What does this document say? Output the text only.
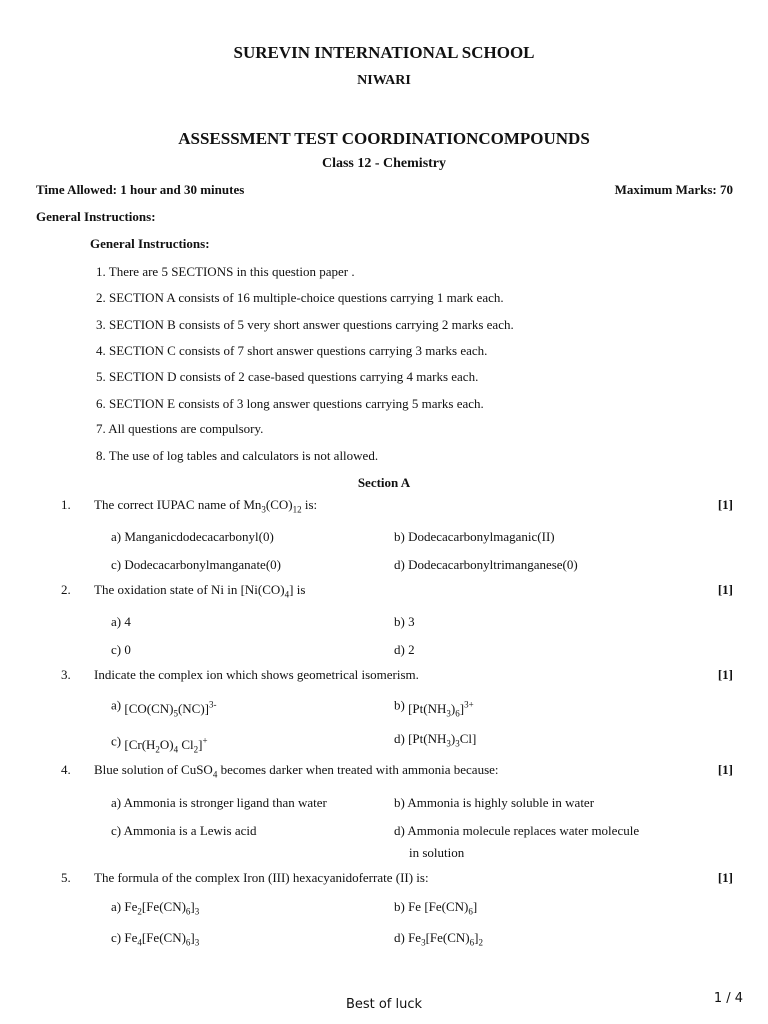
SUREVIN INTERNATIONAL SCHOOL
NIWARI
ASSESSMENT TEST COORDINATIONCOMPOUNDS
Class 12 - Chemistry
Time Allowed: 1 hour and 30 minutes	Maximum Marks: 70
General Instructions:
General Instructions:
1. There are 5 SECTIONS in this question paper .
2. SECTION A consists of 16 multiple-choice questions carrying 1 mark each.
3. SECTION B consists of 5 very short answer questions carrying 2 marks each.
4. SECTION C consists of 7 short answer questions carrying 3 marks each.
5. SECTION D consists of 2 case-based questions carrying 4 marks each.
6. SECTION E consists of 3 long answer questions carrying 5 marks each.
7. All questions are compulsory.
8. The use of log tables and calculators is not allowed.
Section A
1. The correct IUPAC name of $Mn_3(CO)_{12}$ is:	[1]
a) Manganicdodecacarbonyl(0)	b) Dodecacarbonylmaganic(II)
c) Dodecacarbonylmanganate(0)	d) Dodecacarbonyltrimanganese(0)
2. The oxidation state of Ni in $[Ni(CO)_4]$ is	[1]
a) 4	b) 3
c) 0	d) 2
3. Indicate the complex ion which shows geometrical isomerism.	[1]
a) $[CO(CN)_5(NC)]^{3-}$	b) $[Pt(NH_3)_6]^{3+}$
c) [$Cr(H_2O)_4$ $Cl_2]^+$	d) $[Pt(NH_3)_3Cl]$
4. Blue solution of CuSO$_4$ becomes darker when treated with ammonia because:	[1]
a) Ammonia is stronger ligand than water	b) Ammonia is highly soluble in water
c) Ammonia is a Lewis acid	d) Ammonia molecule replaces water molecule
in solution
5. The formula of the complex Iron (III) hexacyanidoferrate (II) is:	[1]
a) $Fe_2[Fe(CN)_6]_3$	b) Fe $[Fe(CN)_6]$
c) $Fe_4[Fe(CN)_6]_3$	d) $Fe_3[Fe(CN)_6]_2$
Best of luck	1 / 4
